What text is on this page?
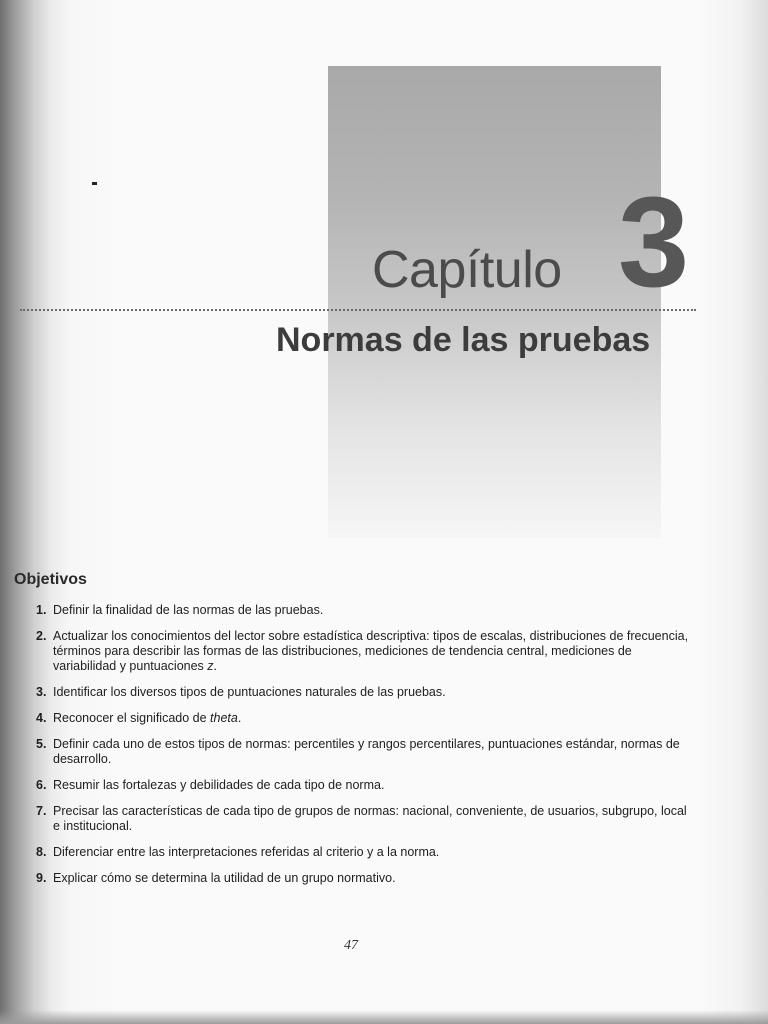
Capítulo 3
Normas de las pruebas
Objetivos
1. Definir la finalidad de las normas de las pruebas.
2. Actualizar los conocimientos del lector sobre estadística descriptiva: tipos de escalas, distribuciones de frecuencia, términos para describir las formas de las distribuciones, mediciones de tendencia central, mediciones de variabilidad y puntuaciones z.
3. Identificar los diversos tipos de puntuaciones naturales de las pruebas.
4. Reconocer el significado de theta.
5. Definir cada uno de estos tipos de normas: percentiles y rangos percentilares, puntuaciones estándar, normas de desarrollo.
6. Resumir las fortalezas y debilidades de cada tipo de norma.
7. Precisar las características de cada tipo de grupos de normas: nacional, conveniente, de usuarios, subgrupo, local e institucional.
8. Diferenciar entre las interpretaciones referidas al criterio y a la norma.
9. Explicar cómo se determina la utilidad de un grupo normativo.
47
